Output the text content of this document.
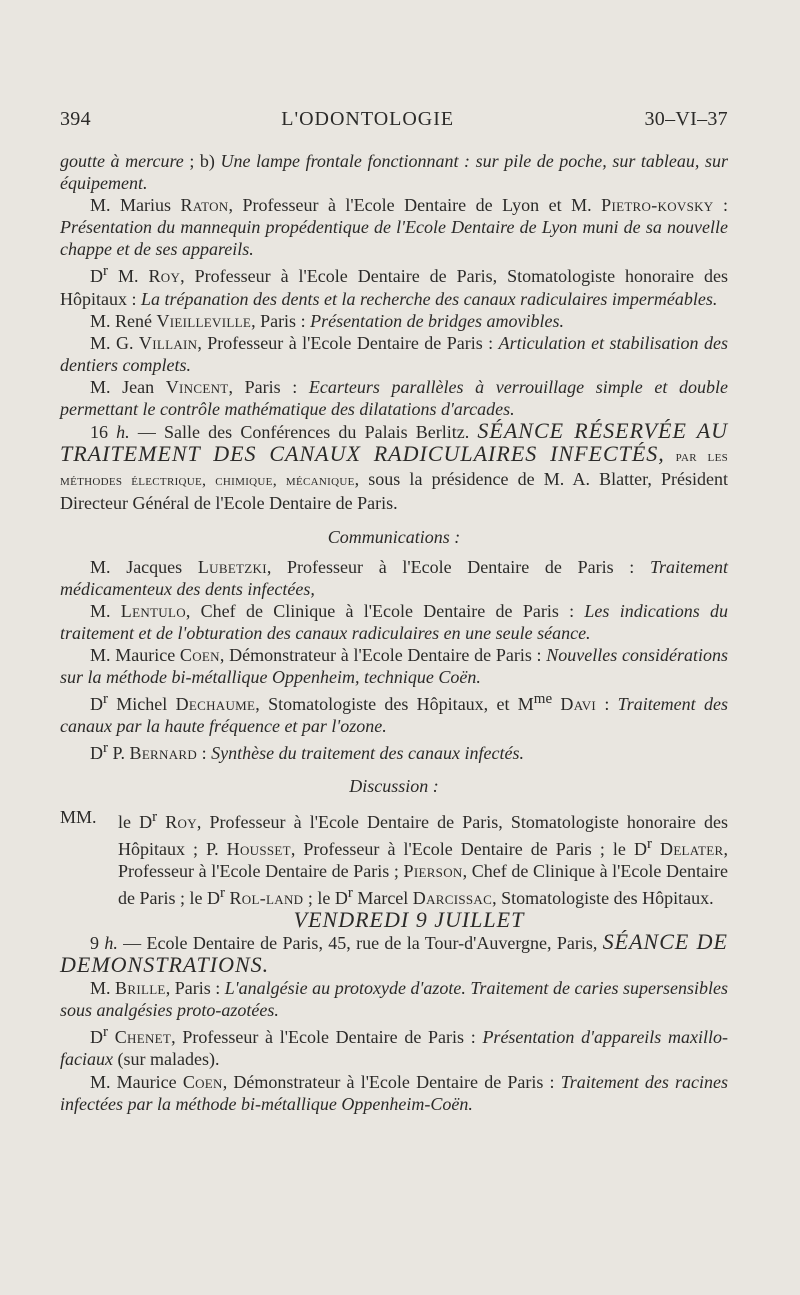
394	L'ODONTOLOGIE	30–VI–37

goutte à mercure ; b) Une lampe frontale fonctionnant : sur pile de poche, sur tableau, sur équipement.

M. Marius Raton, Professeur à l'Ecole Dentaire de Lyon et M. Pietro-kovsky : Présentation du mannequin propédentique de l'Ecole Dentaire de Lyon muni de sa nouvelle chappe et de ses appareils.

$D^r$ M. Roy, Professeur à l'Ecole Dentaire de Paris, Stomatologiste honoraire des Hôpitaux : La trépanation des dents et la recherche des canaux radiculaires imperméables.

M. René Vieilleville, Paris : Présentation de bridges amovibles.

M. G. Villain, Professeur à l'Ecole Dentaire de Paris : Articulation et stabilisation des dentiers complets.

M. Jean Vincent, Paris : Ecarteurs parallèles à verrouillage simple et double permettant le contrôle mathématique des dilatations d'arcades.

16 h. — Salle des Conférences du Palais Berlitz. SÉANCE RÉSERVÉE AU TRAITEMENT DES CANAUX RADICULAIRES INFECTÉS, par les méthodes électrique, chimique, mécanique, sous la présidence de M. A. Blatter, Président Directeur Général de l'Ecole Dentaire de Paris.

Communications :

M. Jacques Lubetzki, Professeur à l'Ecole Dentaire de Paris : Traitement médicamenteux des dents infectées,

M. Lentulo, Chef de Clinique à l'Ecole Dentaire de Paris : Les indications du traitement et de l'obturation des canaux radiculaires en une seule séance.

M. Maurice Coen, Démonstrateur à l'Ecole Dentaire de Paris : Nouvelles considérations sur la méthode bi-métallique Oppenheim, technique Coën.

$D^r$ Michel Dechaume, Stomatologiste des Hôpitaux, et $M^{me}$ Davi : Traitement des canaux par la haute fréquence et par l'ozone.

$D^r$ P. Bernard : Synthèse du traitement des canaux infectés.

Discussion :

MM.	le $D^r$ Roy, Professeur à l'Ecole Dentaire de Paris, Stomatologiste honoraire des Hôpitaux ; P. Housset, Professeur à l'Ecole Dentaire de Paris ; le $D^r$ Delater, Professeur à l'Ecole Dentaire de Paris ; Pierson, Chef de Clinique à l'Ecole Dentaire de Paris ; le $D^r$ Rol-land ; le $D^r$ Marcel Darcissac, Stomatologiste des Hôpitaux.

VENDREDI 9 JUILLET

9 h. — Ecole Dentaire de Paris, 45, rue de la Tour-d'Auvergne, Paris, SÉANCE DE DEMONSTRATIONS.

M. Brille, Paris : L'analgésie au protoxyde d'azote. Traitement de caries supersensibles sous analgésies proto-azotées.

$D^r$ Chenet, Professeur à l'Ecole Dentaire de Paris : Présentation d'appareils maxillo-faciaux (sur malades).

M. Maurice Coen, Démonstrateur à l'Ecole Dentaire de Paris : Traitement des racines infectées par la méthode bi-métallique Oppenheim-Coën.
